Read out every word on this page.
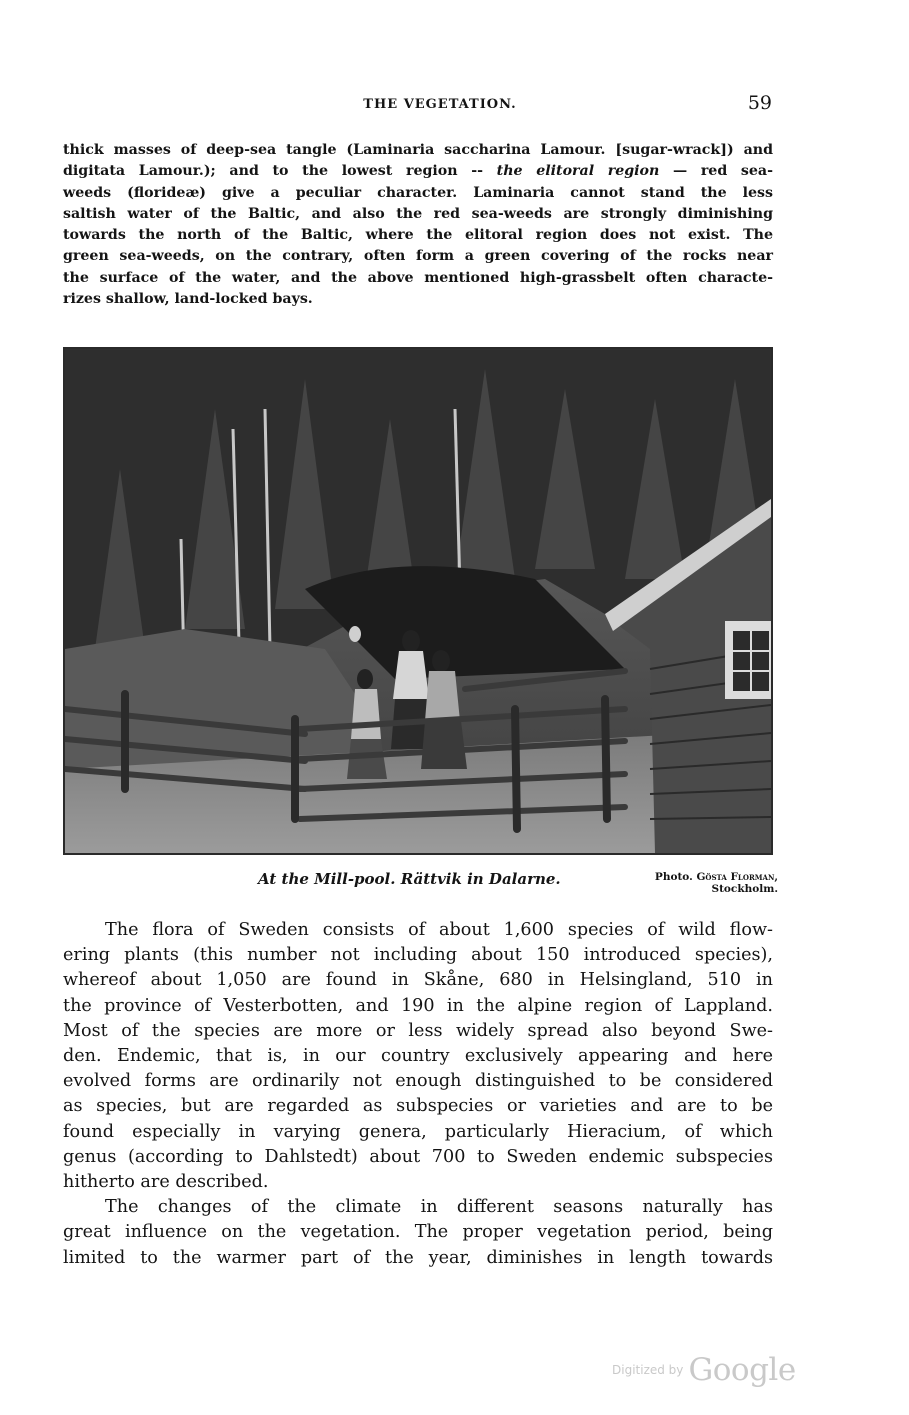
THE VEGETATION.	59
thick masses of deep-sea tangle (Laminaria saccharina Lamour. [sugar-wrack]) and
digitata Lamour.); and to the lowest region -- the elitoral region — red sea-
weeds (florideæ) give a peculiar character. Laminaria cannot stand the less
saltish water of the Baltic, and also the red sea-weeds are strongly diminishing
towards the north of the Baltic, where the elitoral region does not exist. The
green sea-weeds, on the contrary, often form a green covering of the rocks near
the surface of the water, and the above mentioned high-grassbelt often characte-
rizes shallow, land-locked bays.
At the Mill-pool. Rättvik in Dalarne.	Photo. Gösta Florman,
Stockholm.
The flora of Sweden consists of about 1,600 species of wild flow-
ering plants (this number not including about 150 introduced species),
whereof about 1,050 are found in Skåne, 680 in Helsingland, 510 in
the province of Vesterbotten, and 190 in the alpine region of Lappland.
Most of the species are more or less widely spread also beyond Swe-
den. Endemic, that is, in our country exclusively appearing and here
evolved forms are ordinarily not enough distinguished to be considered
as species, but are regarded as subspecies or varieties and are to be
found especially in varying genera, particularly Hieracium, of which
genus (according to Dahlstedt) about 700 to Sweden endemic subspecies
hitherto are described.
The changes of the climate in different seasons naturally has
great influence on the vegetation. The proper vegetation period, being
limited to the warmer part of the year, diminishes in length towards
Digitized by Google
